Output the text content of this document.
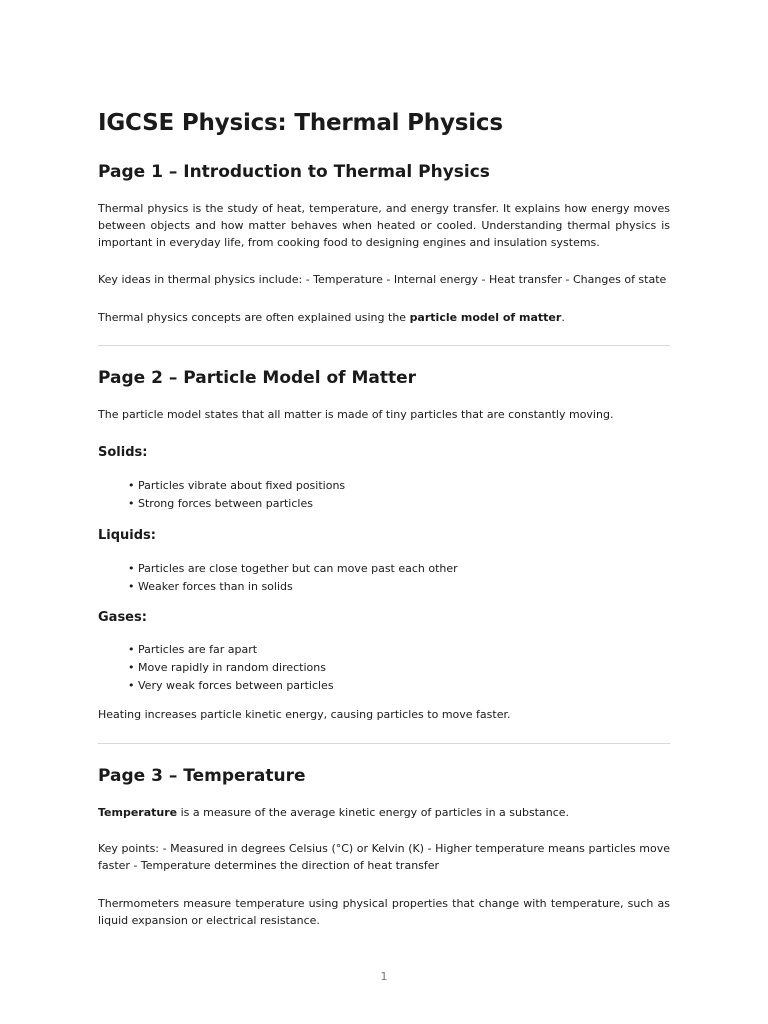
IGCSE Physics: Thermal Physics
Page 1 – Introduction to Thermal Physics

Thermal physics is the study of heat, temperature, and energy transfer. It explains how energy moves between objects and how matter behaves when heated or cooled. Understanding thermal physics is important in everyday life, from cooking food to designing engines and insulation systems.

Key ideas in thermal physics include: - Temperature - Internal energy - Heat transfer - Changes of state

Thermal physics concepts are often explained using the particle model of matter.

Page 2 – Particle Model of Matter

The particle model states that all matter is made of tiny particles that are constantly moving.

Solids:
• Particles vibrate about fixed positions
• Strong forces between particles
Liquids:
• Particles are close together but can move past each other
• Weaker forces than in solids
Gases:
• Particles are far apart
• Move rapidly in random directions
• Very weak forces between particles

Heating increases particle kinetic energy, causing particles to move faster.

Page 3 – Temperature

Temperature is a measure of the average kinetic energy of particles in a substance.

Key points: - Measured in degrees Celsius (°C) or Kelvin (K) - Higher temperature means particles move faster - Temperature determines the direction of heat transfer

Thermometers measure temperature using physical properties that change with temperature, such as liquid expansion or electrical resistance.

1
